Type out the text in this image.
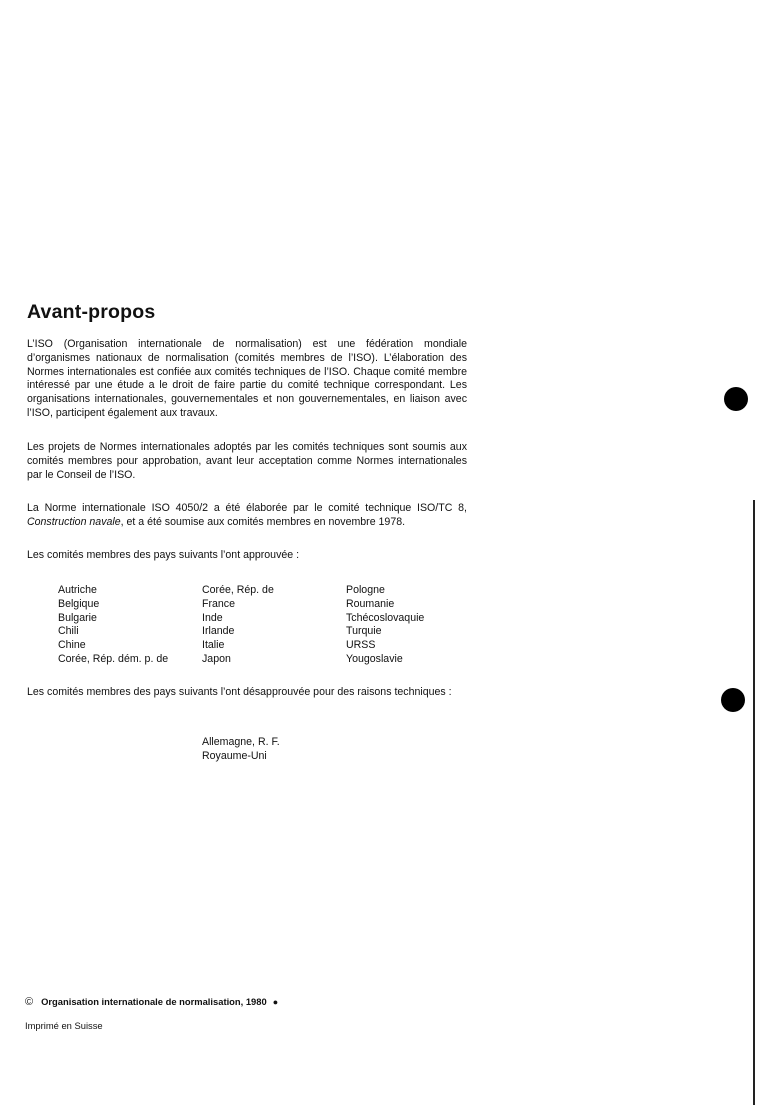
Avant-propos

L’ISO (Organisation internationale de normalisation) est une fédération mondiale d’organismes nationaux de normalisation (comités membres de l’ISO). L’élaboration des Normes internationales est confiée aux comités techniques de l’ISO. Chaque comité membre intéressé par une étude a le droit de faire partie du comité technique correspondant. Les organisations internationales, gouvernementales et non gouvernementales, en liaison avec l’ISO, participent également aux travaux.

Les projets de Normes internationales adoptés par les comités techniques sont soumis aux comités membres pour approbation, avant leur acceptation comme Normes internationales par le Conseil de l’ISO.

La Norme internationale ISO 4050/2 a été élaborée par le comité technique ISO/TC 8, Construction navale, et a été soumise aux comités membres en novembre 1978.

Les comités membres des pays suivants l’ont approuvée :

Autriche
Belgique
Bulgarie
Chili
Chine
Corée, Rép. dém. p. de
Corée, Rép. de
France
Inde
Irlande
Italie
Japon
Pologne
Roumanie
Tchécoslovaquie
Turquie
URSS
Yougoslavie

Les comités membres des pays suivants l’ont désapprouvée pour des raisons techniques :

Allemagne, R. F.
Royaume-Uni
© Organisation internationale de normalisation, 1980 ●
Imprimé en Suisse
